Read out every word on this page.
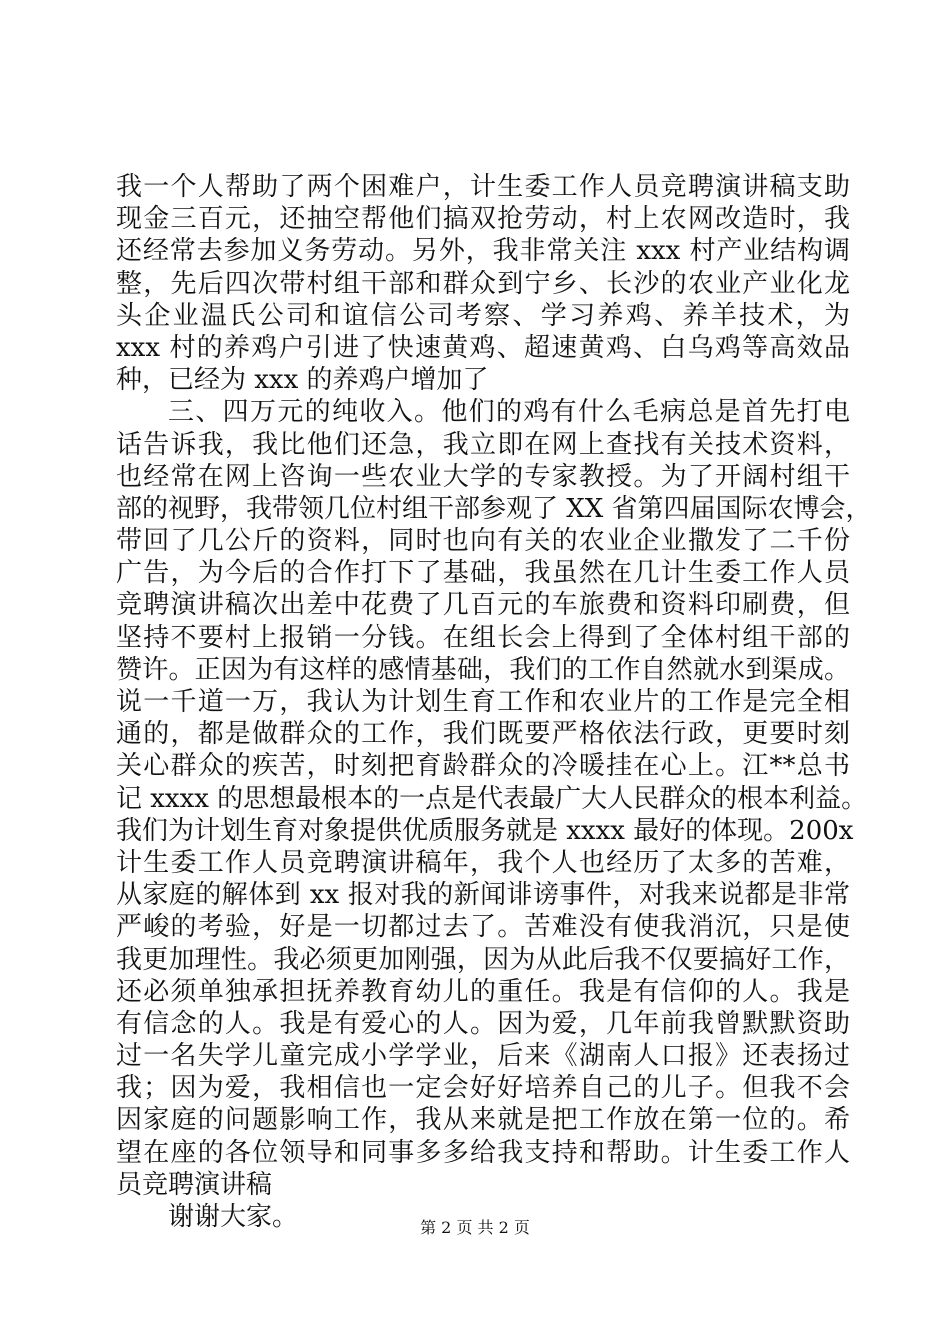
我一个人帮助了两个困难户，计生委工作人员竞聘演讲稿支助
现金三百元，还抽空帮他们搞双抢劳动，村上农网改造时，我
还经常去参加义务劳动。另外，我非常关注 xxx 村产业结构调
整，先后四次带村组干部和群众到宁乡、长沙的农业产业化龙
头企业温氏公司和谊信公司考察、学习养鸡、养羊技术，为
xxx 村的养鸡户引进了快速黄鸡、超速黄鸡、白乌鸡等高效品
种，已经为 xxx 的养鸡户增加了
三、四万元的纯收入。他们的鸡有什么毛病总是首先打电
话告诉我，我比他们还急，我立即在网上查找有关技术资料，
也经常在网上咨询一些农业大学的专家教授。为了开阔村组干
部的视野，我带领几位村组干部参观了 XX 省第四届国际农博会，
带回了几公斤的资料，同时也向有关的农业企业撒发了二千份
广告，为今后的合作打下了基础，我虽然在几计生委工作人员
竞聘演讲稿次出差中花费了几百元的车旅费和资料印刷费，但
坚持不要村上报销一分钱。在组长会上得到了全体村组干部的
赞许。正因为有这样的感情基础，我们的工作自然就水到渠成。
说一千道一万，我认为计划生育工作和农业片的工作是完全相
通的，都是做群众的工作，我们既要严格依法行政，更要时刻
关心群众的疾苦，时刻把育龄群众的冷暖挂在心上。江**总书
记 xxxx 的思想最根本的一点是代表最广大人民群众的根本利益。
我们为计划生育对象提供优质服务就是 xxxx 最好的体现。200x
计生委工作人员竞聘演讲稿年，我个人也经历了太多的苦难，
从家庭的解体到 xx 报对我的新闻诽谤事件，对我来说都是非常
严峻的考验，好是一切都过去了。苦难没有使我消沉，只是使
我更加理性。我必须更加刚强，因为从此后我不仅要搞好工作，
还必须单独承担抚养教育幼儿的重任。我是有信仰的人。我是
有信念的人。我是有爱心的人。因为爱，几年前我曾默默资助
过一名失学儿童完成小学学业，后来《湖南人口报》还表扬过
我；因为爱，我相信也一定会好好培养自己的儿子。但我不会
因家庭的问题影响工作，我从来就是把工作放在第一位的。希
望在座的各位领导和同事多多给我支持和帮助。计生委工作人
员竞聘演讲稿
谢谢大家。	第 2 页 共 2 页
